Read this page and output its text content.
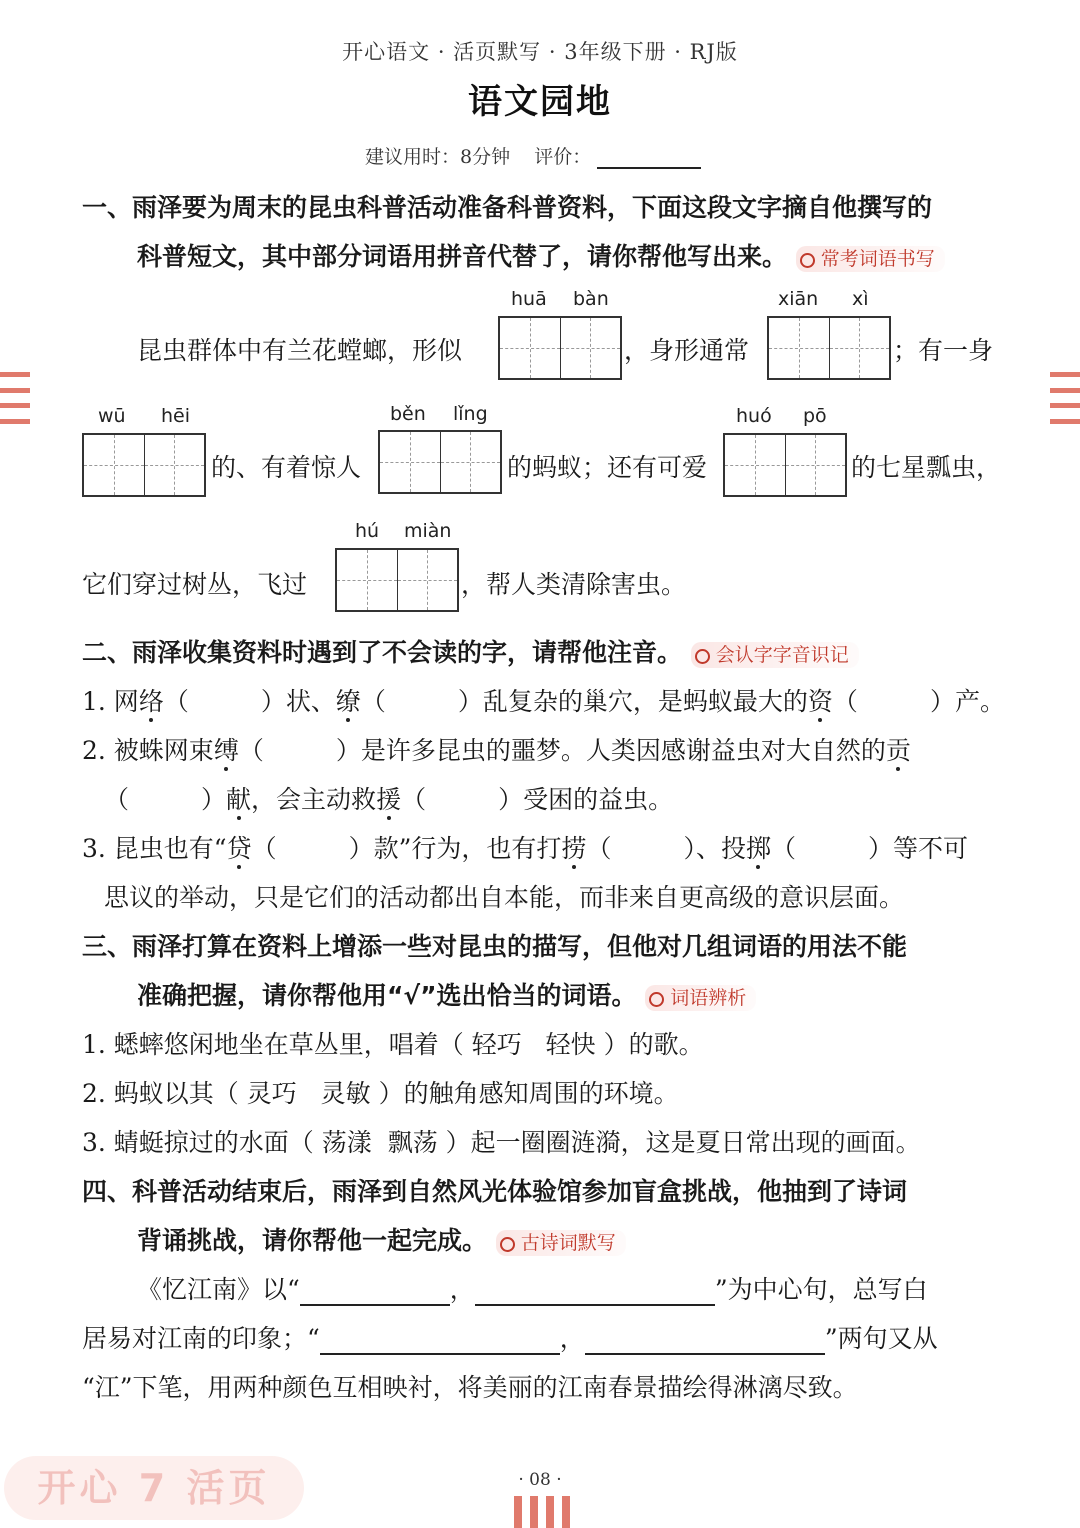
开心语文 · 活页默写 · 3年级下册 · RJ版
语文园地
建议用时：8分钟 评价：
一、雨泽要为周末的昆虫科普活动准备科普资料，下面这段文字摘自他撰写的
科普短文，其中部分词语用拼音代替了，请你帮他写出来。 常考词语书写
huā bàn	xiān xì
昆虫群体中有兰花螳螂，形似	，身形通常	；有一身
wū hēi	běn lǐng	huó pō
的、有着惊人	的蚂蚁；还有可爱	的七星瓢虫，
hú miàn
它们穿过树丛，飞过	，帮人类清除害虫。
二、雨泽收集资料时遇到了不会读的字，请帮他注音。 会认字字音识记
1. 网络（	）状、缭（	）乱复杂的巢穴，是蚂蚁最大的资（	）产。
2. 被蛛网束缚（	）是许多昆虫的噩梦。人类因感谢益虫对大自然的贡
（	）献，会主动救援（	）受困的益虫。
3. 昆虫也有“贷（	）款”行为，也有打捞（	）、投掷（	）等不可
思议的举动，只是它们的活动都出自本能，而非来自更高级的意识层面。
三、雨泽打算在资料上增添一些对昆虫的描写，但他对几组词语的用法不能
准确把握，请你帮他用“√”选出恰当的词语。 词语辨析
1. 蟋蟀悠闲地坐在草丛里，唱着（ 轻巧 轻快 ）的歌。
2. 蚂蚁以其（ 灵巧 灵敏 ）的触角感知周围的环境。
3. 蜻蜓掠过的水面（ 荡漾 飘荡 ）起一圈圈涟漪，这是夏日常出现的画面。
四、科普活动结束后，雨泽到自然风光体验馆参加盲盒挑战，他抽到了诗词
背诵挑战，请你帮他一起完成。 古诗词默写
《忆江南》以“	，	”为中心句，总写白
居易对江南的印象；“	，	”两句又从
“江”下笔，用两种颜色互相映衬，将美丽的江南春景描绘得淋漓尽致。
开心 7 活页	· 08 ·
